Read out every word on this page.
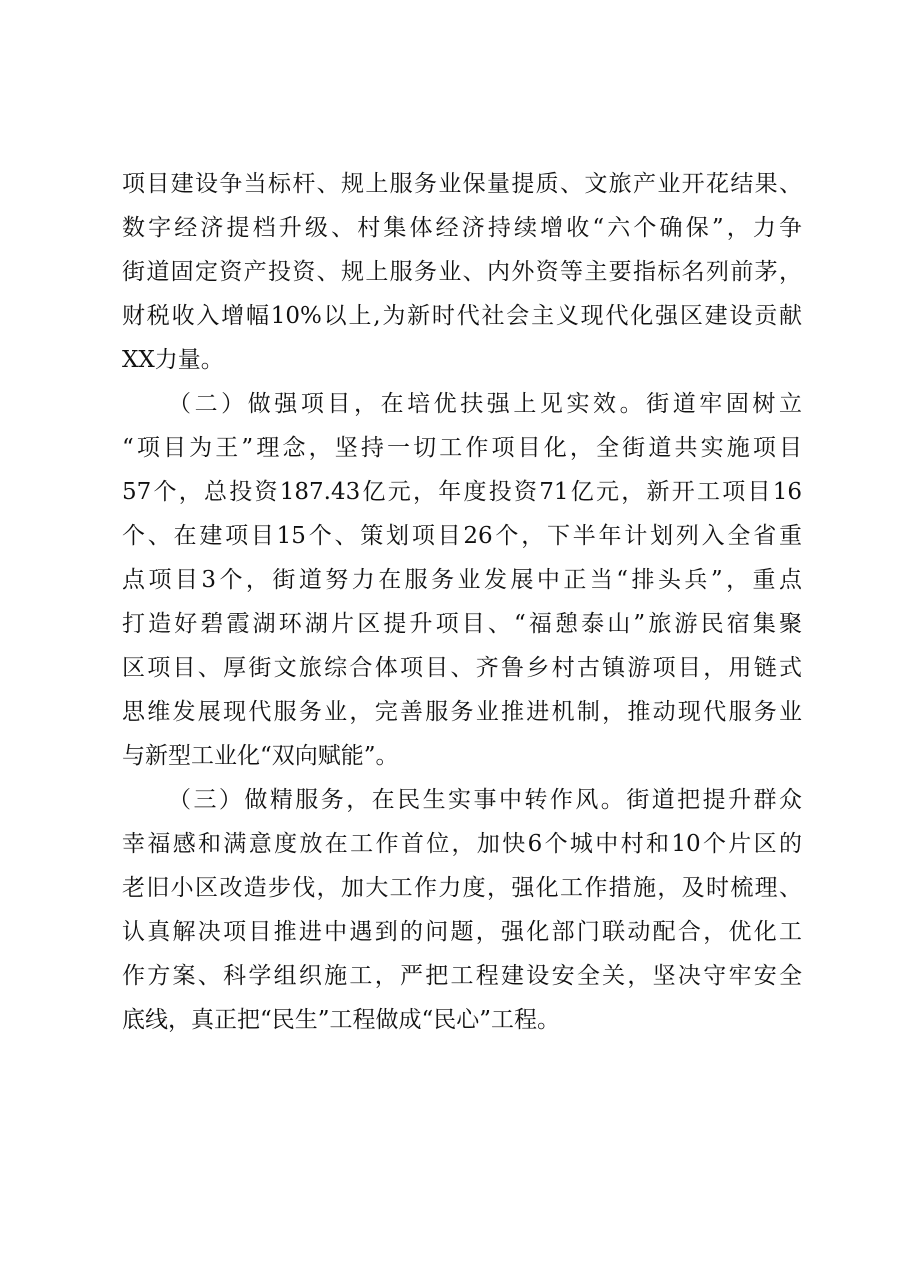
项目建设争当标杆、规上服务业保量提质、文旅产业开花结果、
数字经济提档升级、村集体经济持续增收“六个确保”，力争
街道固定资产投资、规上服务业、内外资等主要指标名列前茅，
财税收入增幅10%以上,为新时代社会主义现代化强区建设贡献
XX力量。
（二）做强项目，在培优扶强上见实效。街道牢固树立
“项目为王”理念，坚持一切工作项目化，全街道共实施项目
57个，总投资187.43亿元，年度投资71亿元，新开工项目16
个、在建项目15个、策划项目26个，下半年计划列入全省重
点项目3个，街道努力在服务业发展中正当“排头兵”，重点
打造好碧霞湖环湖片区提升项目、“福憩泰山”旅游民宿集聚
区项目、厚街文旅综合体项目、齐鲁乡村古镇游项目，用链式
思维发展现代服务业，完善服务业推进机制，推动现代服务业
与新型工业化“双向赋能”。
（三）做精服务，在民生实事中转作风。街道把提升群众
幸福感和满意度放在工作首位，加快6个城中村和10个片区的
老旧小区改造步伐，加大工作力度，强化工作措施，及时梳理、
认真解决项目推进中遇到的问题，强化部门联动配合，优化工
作方案、科学组织施工，严把工程建设安全关，坚决守牢安全
底线，真正把“民生”工程做成“民心”工程。
